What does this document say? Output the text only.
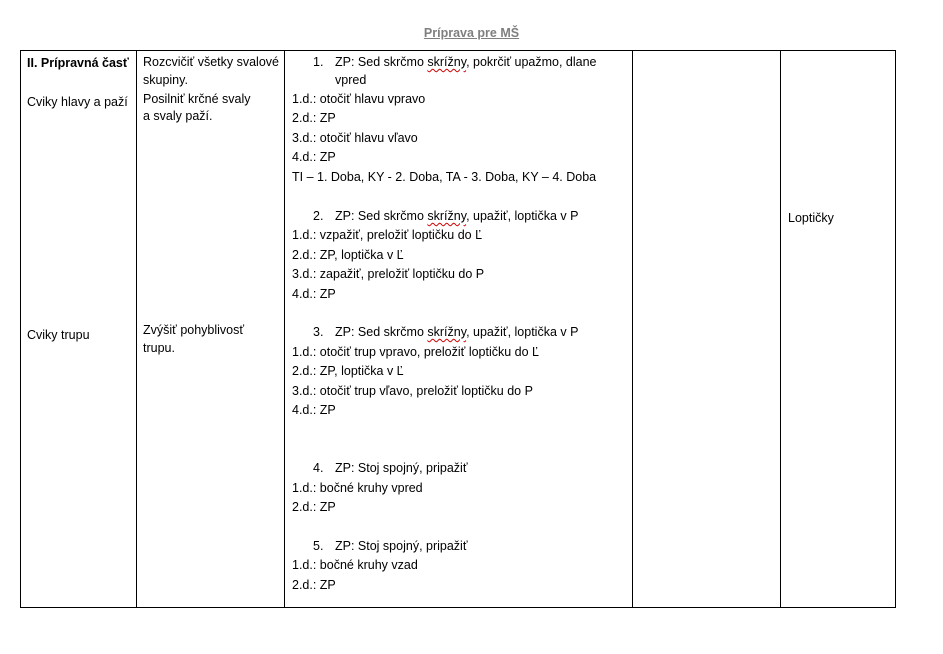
Príprava pre MŠ
II. Prípravná časť
Cviky hlavy a paží
Cviky trupu
Rozcvičiť všetky svalové
skupiny.
Posilniť krčné svaly
a svaly paží.
Zvýšiť pohyblivosť
trupu.
1. ZP: Sed skrčmo skrížny, pokrčiť upažmo, dlane
vpred
1.d.: otočiť hlavu vpravo
2.d.: ZP
3.d.: otočiť hlavu vľavo
4.d.: ZP
TI – 1. Doba, KY - 2. Doba, TA - 3. Doba, KY – 4. Doba
2. ZP: Sed skrčmo skrížny, upažiť, loptička v P
1.d.: vzpažiť, preložiť loptičku do Ľ
2.d.: ZP, loptička v Ľ
3.d.: zapažiť, preložiť loptičku do P
4.d.: ZP
3. ZP: Sed skrčmo skrížny, upažiť, loptička v P
1.d.: otočiť trup vpravo, preložiť loptičku do Ľ
2.d.: ZP, loptička v Ľ
3.d.: otočiť trup vľavo, preložiť loptičku do P
4.d.: ZP
4. ZP: Stoj spojný, pripažiť
1.d.: bočné kruhy vpred
2.d.: ZP
5. ZP: Stoj spojný, pripažiť
1.d.: bočné kruhy vzad
2.d.: ZP
Loptičky
